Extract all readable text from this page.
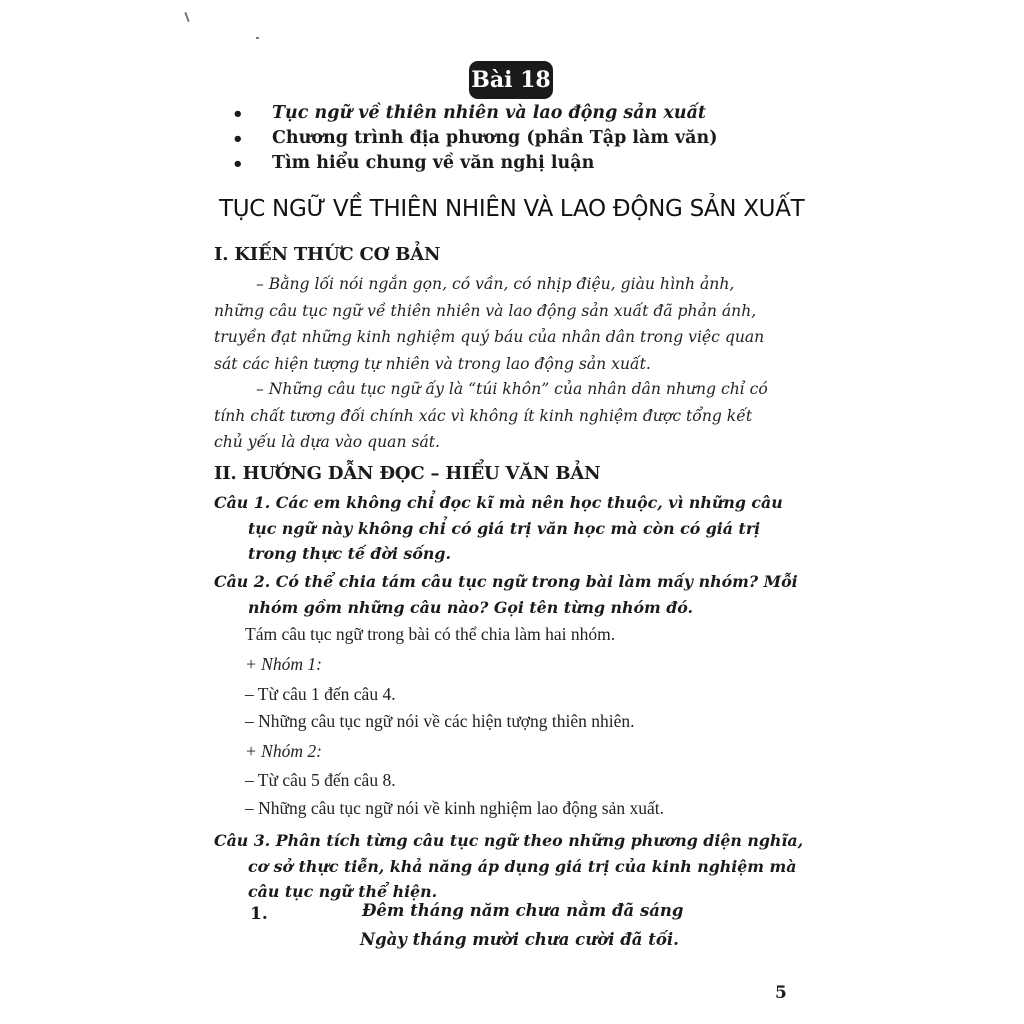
Bài 18
• Tục ngữ về thiên nhiên và lao động sản xuất
• Chương trình địa phương (phần Tập làm văn)
• Tìm hiểu chung về văn nghị luận
TỤC NGỮ VỀ THIÊN NHIÊN VÀ LAO ĐỘNG SẢN XUẤT
I. KIẾN THỨC CƠ BẢN
– Bằng lối nói ngắn gọn, có vần, có nhịp điệu, giàu hình ảnh,
những câu tục ngữ về thiên nhiên và lao động sản xuất đã phản ánh,
truyền đạt những kinh nghiệm quý báu của nhân dân trong việc quan
sát các hiện tượng tự nhiên và trong lao động sản xuất.
– Những câu tục ngữ ấy là “túi khôn” của nhân dân nhưng chỉ có
tính chất tương đối chính xác vì không ít kinh nghiệm được tổng kết
chủ yếu là dựa vào quan sát.
II. HƯỚNG DẪN ĐỌC – HIỂU VĂN BẢN
Câu 1. Các em không chỉ đọc kĩ mà nên học thuộc, vì những câu
tục ngữ này không chỉ có giá trị văn học mà còn có giá trị
trong thực tế đời sống.
Câu 2. Có thể chia tám câu tục ngữ trong bài làm mấy nhóm? Mỗi
nhóm gồm những câu nào? Gọi tên từng nhóm đó.
Tám câu tục ngữ trong bài có thể chia làm hai nhóm.
+ Nhóm 1:
– Từ câu 1 đến câu 4.
– Những câu tục ngữ nói về các hiện tượng thiên nhiên.
+ Nhóm 2:
– Từ câu 5 đến câu 8.
– Những câu tục ngữ nói về kinh nghiệm lao động sản xuất.
Câu 3. Phân tích từng câu tục ngữ theo những phương diện nghĩa,
cơ sở thực tiễn, khả năng áp dụng giá trị của kinh nghiệm mà
câu tục ngữ thể hiện.
1.	Đêm tháng năm chưa nằm đã sáng
Ngày tháng mười chưa cười đã tối.
5
